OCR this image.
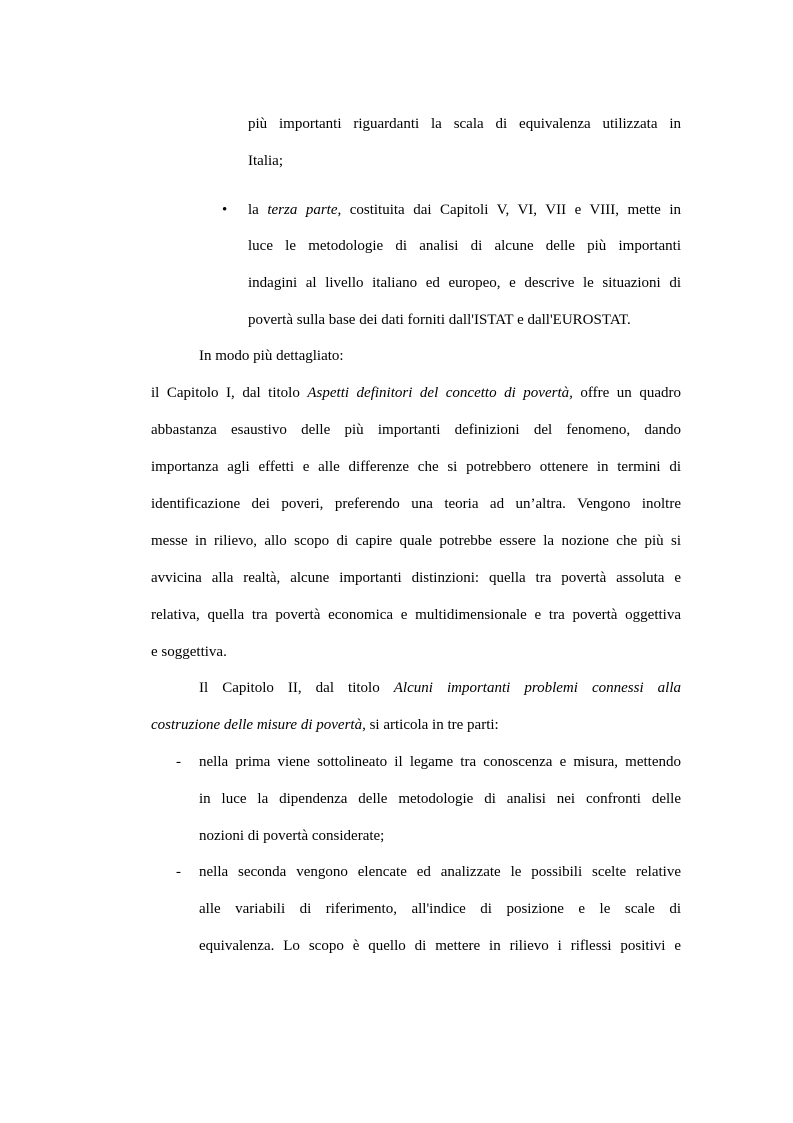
più importanti riguardanti la scala di equivalenza utilizzata in
Italia;
• la terza parte, costituita dai Capitoli V, VI, VII e VIII, mette in
luce le metodologie di analisi di alcune delle più importanti
indagini al livello italiano ed europeo, e descrive le situazioni di
povertà sulla base dei dati forniti dall'ISTAT e dall'EUROSTAT.
In modo più dettagliato:
il Capitolo I, dal titolo Aspetti definitori del concetto di povertà, offre un quadro
abbastanza esaustivo delle più importanti definizioni del fenomeno, dando
importanza agli effetti e alle differenze che si potrebbero ottenere in termini di
identificazione dei poveri, preferendo una teoria ad un’altra. Vengono inoltre
messe in rilievo, allo scopo di capire quale potrebbe essere la nozione che più si
avvicina alla realtà, alcune importanti distinzioni: quella tra povertà assoluta e
relativa, quella tra povertà economica e multidimensionale e tra povertà oggettiva
e soggettiva.
Il Capitolo II, dal titolo Alcuni importanti problemi connessi alla
costruzione delle misure di povertà, si articola in tre parti:
- nella prima viene sottolineato il legame tra conoscenza e misura, mettendo
in luce la dipendenza delle metodologie di analisi nei confronti delle
nozioni di povertà considerate;
- nella seconda vengono elencate ed analizzate le possibili scelte relative
alle variabili di riferimento, all'indice di posizione e le scale di
equivalenza. Lo scopo è quello di mettere in rilievo i riflessi positivi e
